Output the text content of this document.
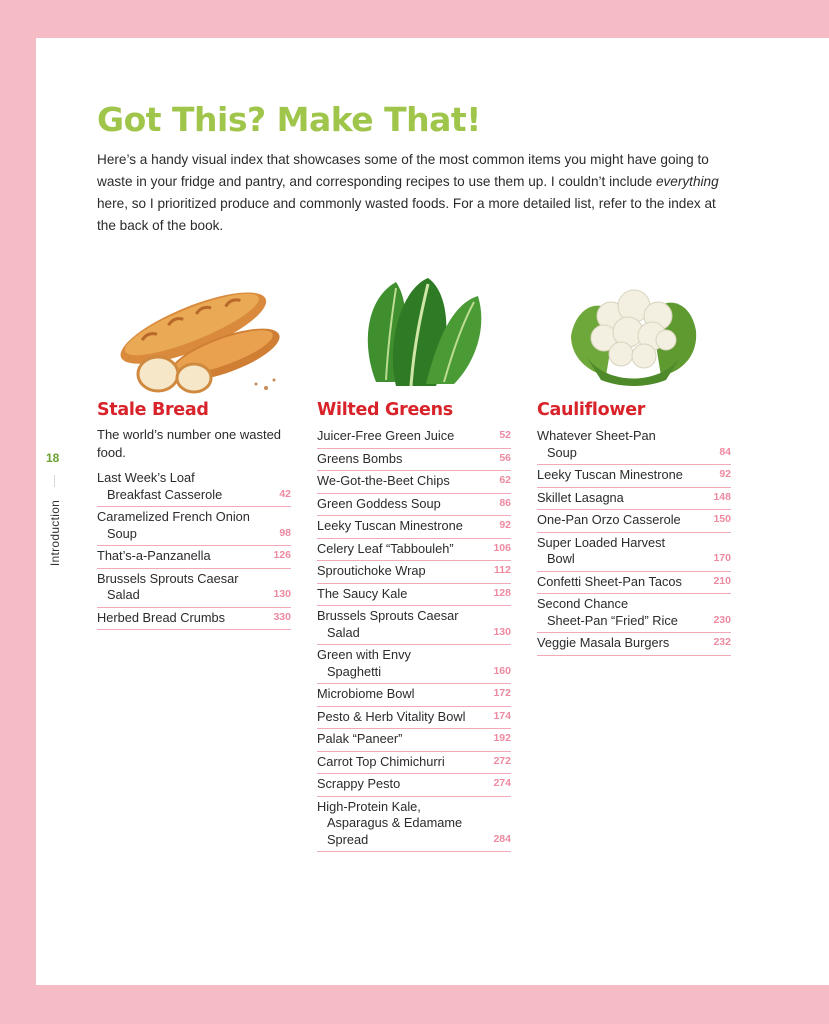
Got This? Make That!

Here’s a handy visual index that showcases some of the most common items you might have going to waste in your fridge and pantry, and corresponding recipes to use them up. I couldn’t include everything here, so I prioritized produce and commonly wasted foods. For a more detailed list, refer to the index at the back of the book.

18
Introduction
Stale Bread

The world’s number one wasted food.

Last Week’s Loaf
Breakfast Casserole	42
Caramelized French Onion
Soup	98
That’s-a-Panzanella	126
Brussels Sprouts Caesar
Salad	130
Herbed Bread Crumbs	330
Wilted Greens
Juicer-Free Green Juice	52
Greens Bombs	56
We-Got-the-Beet Chips	62
Green Goddess Soup	86
Leeky Tuscan Minestrone	92
Celery Leaf “Tabbouleh”	106
Sproutichoke Wrap	112
The Saucy Kale	128
Brussels Sprouts Caesar
Salad	130
Green with Envy
Spaghetti	160
Microbiome Bowl	172
Pesto & Herb Vitality Bowl	174
Palak “Paneer”	192
Carrot Top Chimichurri	272
Scrappy Pesto	274
High-Protein Kale,
Asparagus & Edamame Spread	284
Cauliflower
Whatever Sheet-Pan
Soup	84
Leeky Tuscan Minestrone	92
Skillet Lasagna	148
One-Pan Orzo Casserole	150
Super Loaded Harvest
Bowl	170
Confetti Sheet-Pan Tacos	210
Second Chance
Sheet-Pan “Fried” Rice	230
Veggie Masala Burgers	232
